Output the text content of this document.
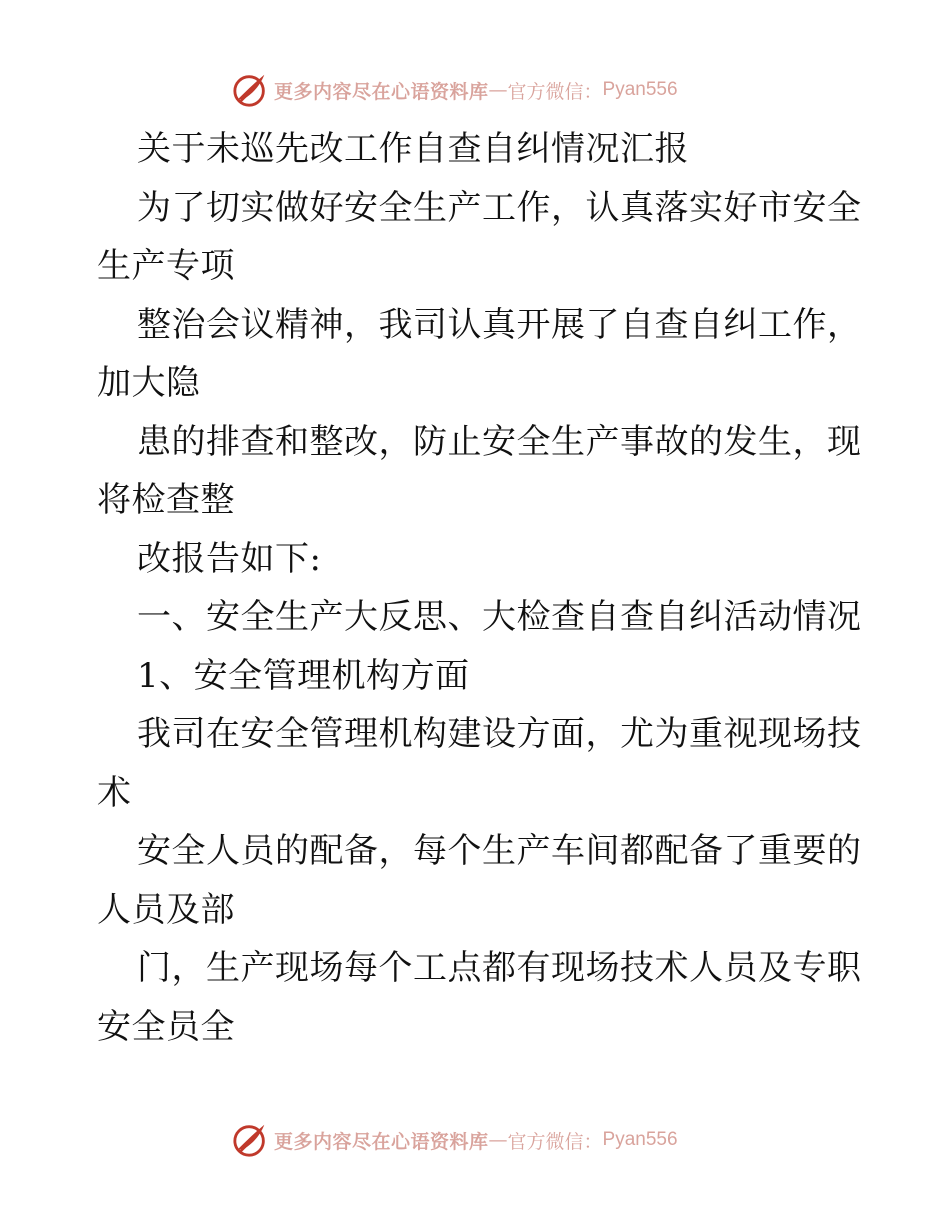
更多内容尽在心语资料库 — 官方微信： Pyan556
关于未巡先改工作自查自纠情况汇报
为了切实做好安全生产工作，认真落实好市安全
生产专项
整治会议精神，我司认真开展了自查自纠工作，
加大隐
患的排查和整改，防止安全生产事故的发生，现
将检查整
改报告如下:
一、安全生产大反思、大检查自查自纠活动情况
1、安全管理机构方面
我司在安全管理机构建设方面，尤为重视现场技
术
安全人员的配备，每个生产车间都配备了重要的
人员及部
门，生产现场每个工点都有现场技术人员及专职
安全员全
更多内容尽在心语资料库 — 官方微信： Pyan556
